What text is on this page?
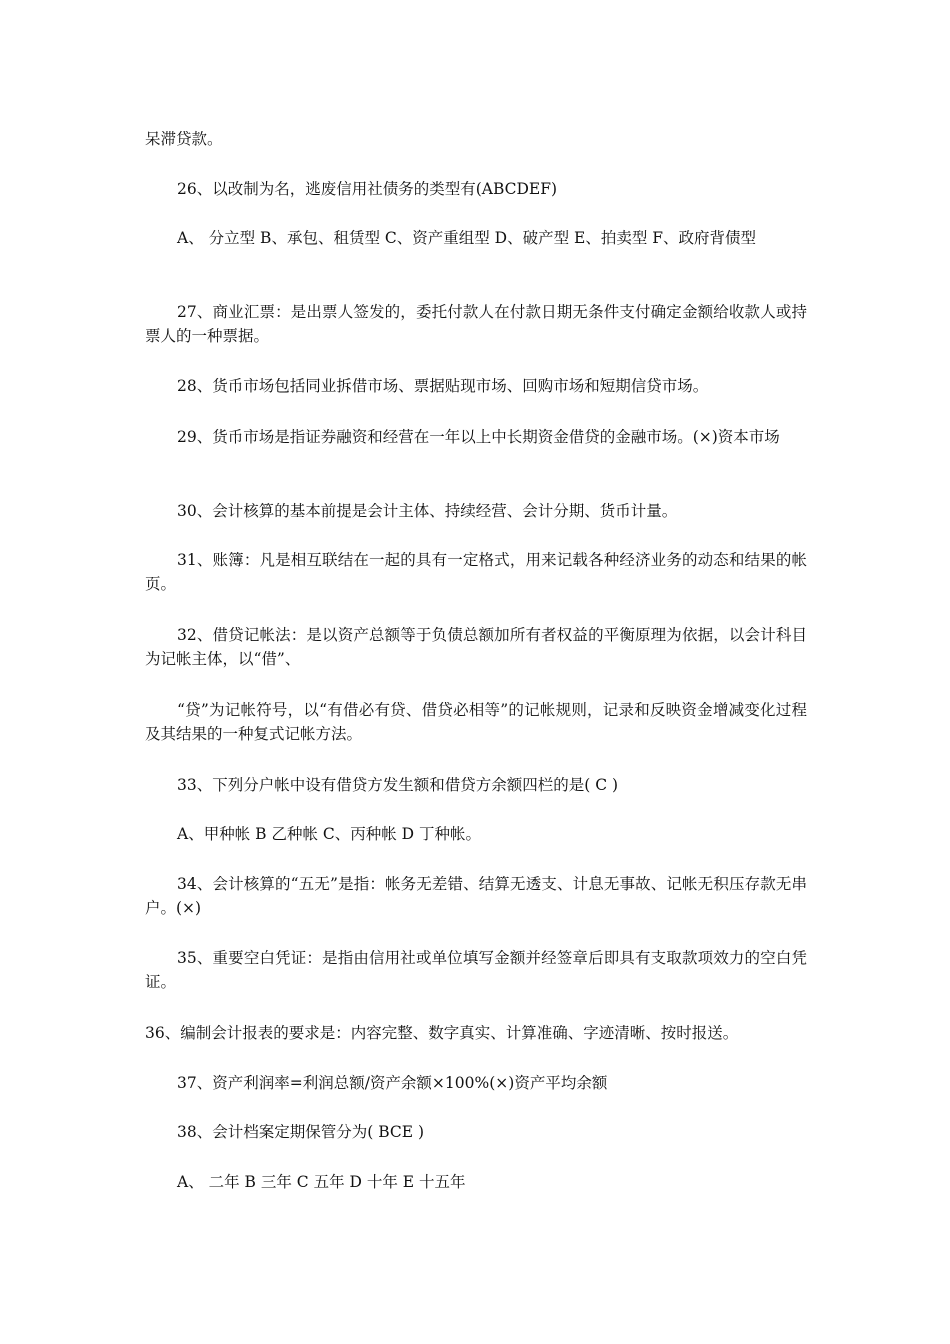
呆滞贷款。

26、以改制为名，逃废信用社债务的类型有(ABCDEF)

A、 分立型 B、承包、租赁型 C、资产重组型 D、破产型 E、拍卖型 F、政府背债型

27、商业汇票：是出票人签发的，委托付款人在付款日期无条件支付确定金额给收款人或持票人的一种票据。

28、货币市场包括同业拆借市场、票据贴现市场、回购市场和短期信贷市场。

29、货币市场是指证券融资和经营在一年以上中长期资金借贷的金融市场。(×)资本市场

30、会计核算的基本前提是会计主体、持续经营、会计分期、货币计量。

31、账簿：凡是相互联结在一起的具有一定格式，用来记载各种经济业务的动态和结果的帐页。

32、借贷记帐法：是以资产总额等于负债总额加所有者权益的平衡原理为依据，以会计科目为记帐主体，以“借”、

“贷”为记帐符号，以“有借必有贷、借贷必相等”的记帐规则，记录和反映资金增减变化过程及其结果的一种复式记帐方法。

33、下列分户帐中设有借贷方发生额和借贷方余额四栏的是( C )

A、甲种帐 B 乙种帐 C、丙种帐 D 丁种帐。

34、会计核算的“五无”是指：帐务无差错、结算无透支、计息无事故、记帐无积压存款无串户。(×)

35、重要空白凭证：是指由信用社或单位填写金额并经签章后即具有支取款项效力的空白凭证。

36、编制会计报表的要求是：内容完整、数字真实、计算准确、字迹清晰、按时报送。

37、资产利润率=利润总额/资产余额×100%(×)资产平均余额

38、会计档案定期保管分为( BCE )

A、 二年 B 三年 C 五年 D 十年 E 十五年
